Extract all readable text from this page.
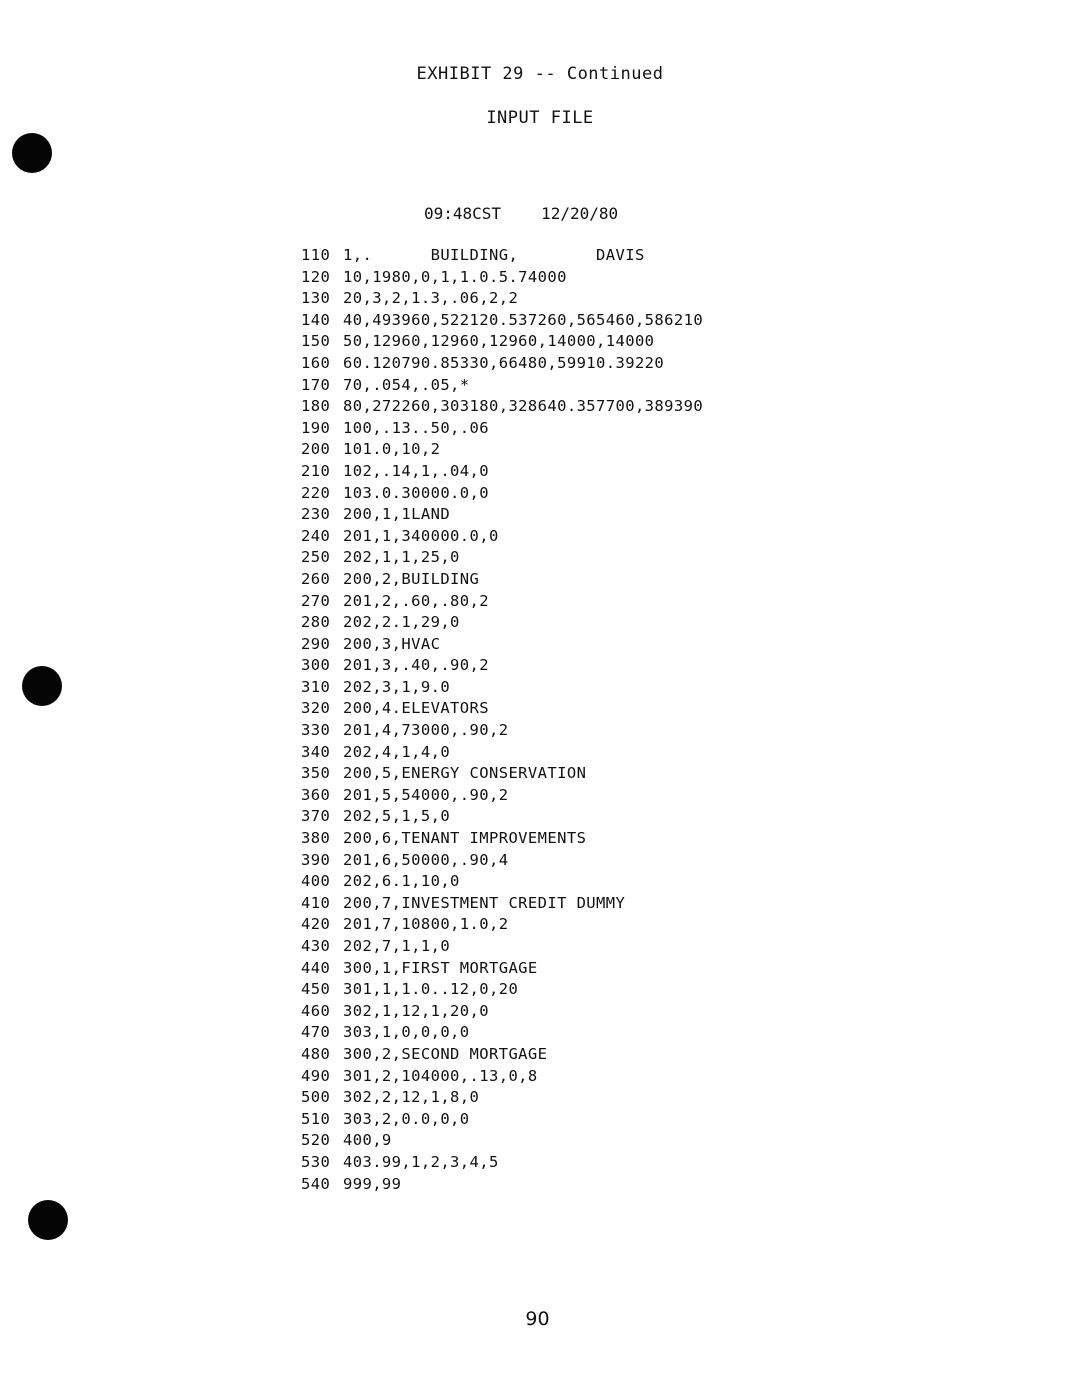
EXHIBIT 29 -- Continued
INPUT FILE
09:48CST	12/20/80
110 1,.      BUILDING,        DAVIS
120 10,1980,0,1,1.0.5.74000
130 20,3,2,1.3,.06,2,2
140 40,493960,522120.537260,565460,586210
150 50,12960,12960,12960,14000,14000
160 60.120790.85330,66480,59910.39220
170 70,.054,.05,*
180 80,272260,303180,328640.357700,389390
190 100,.13..50,.06
200 101.0,10,2
210 102,.14,1,.04,0
220 103.0.30000.0,0
230 200,1,1LAND
240 201,1,340000.0,0
250 202,1,1,25,0
260 200,2,BUILDING
270 201,2,.60,.80,2
280 202,2.1,29,0
290 200,3,HVAC
300 201,3,.40,.90,2
310 202,3,1,9.0
320 200,4.ELEVATORS
330 201,4,73000,.90,2
340 202,4,1,4,0
350 200,5,ENERGY CONSERVATION
360 201,5,54000,.90,2
370 202,5,1,5,0
380 200,6,TENANT IMPROVEMENTS
390 201,6,50000,.90,4
400 202,6.1,10,0
410 200,7,INVESTMENT CREDIT DUMMY
420 201,7,10800,1.0,2
430 202,7,1,1,0
440 300,1,FIRST MORTGAGE
450 301,1,1.0..12,0,20
460 302,1,12,1,20,0
470 303,1,0,0,0,0
480 300,2,SECOND MORTGAGE
490 301,2,104000,.13,0,8
500 302,2,12,1,8,0
510 303,2,0.0,0,0
520 400,9
530 403.99,1,2,3,4,5
540 999,99
90
